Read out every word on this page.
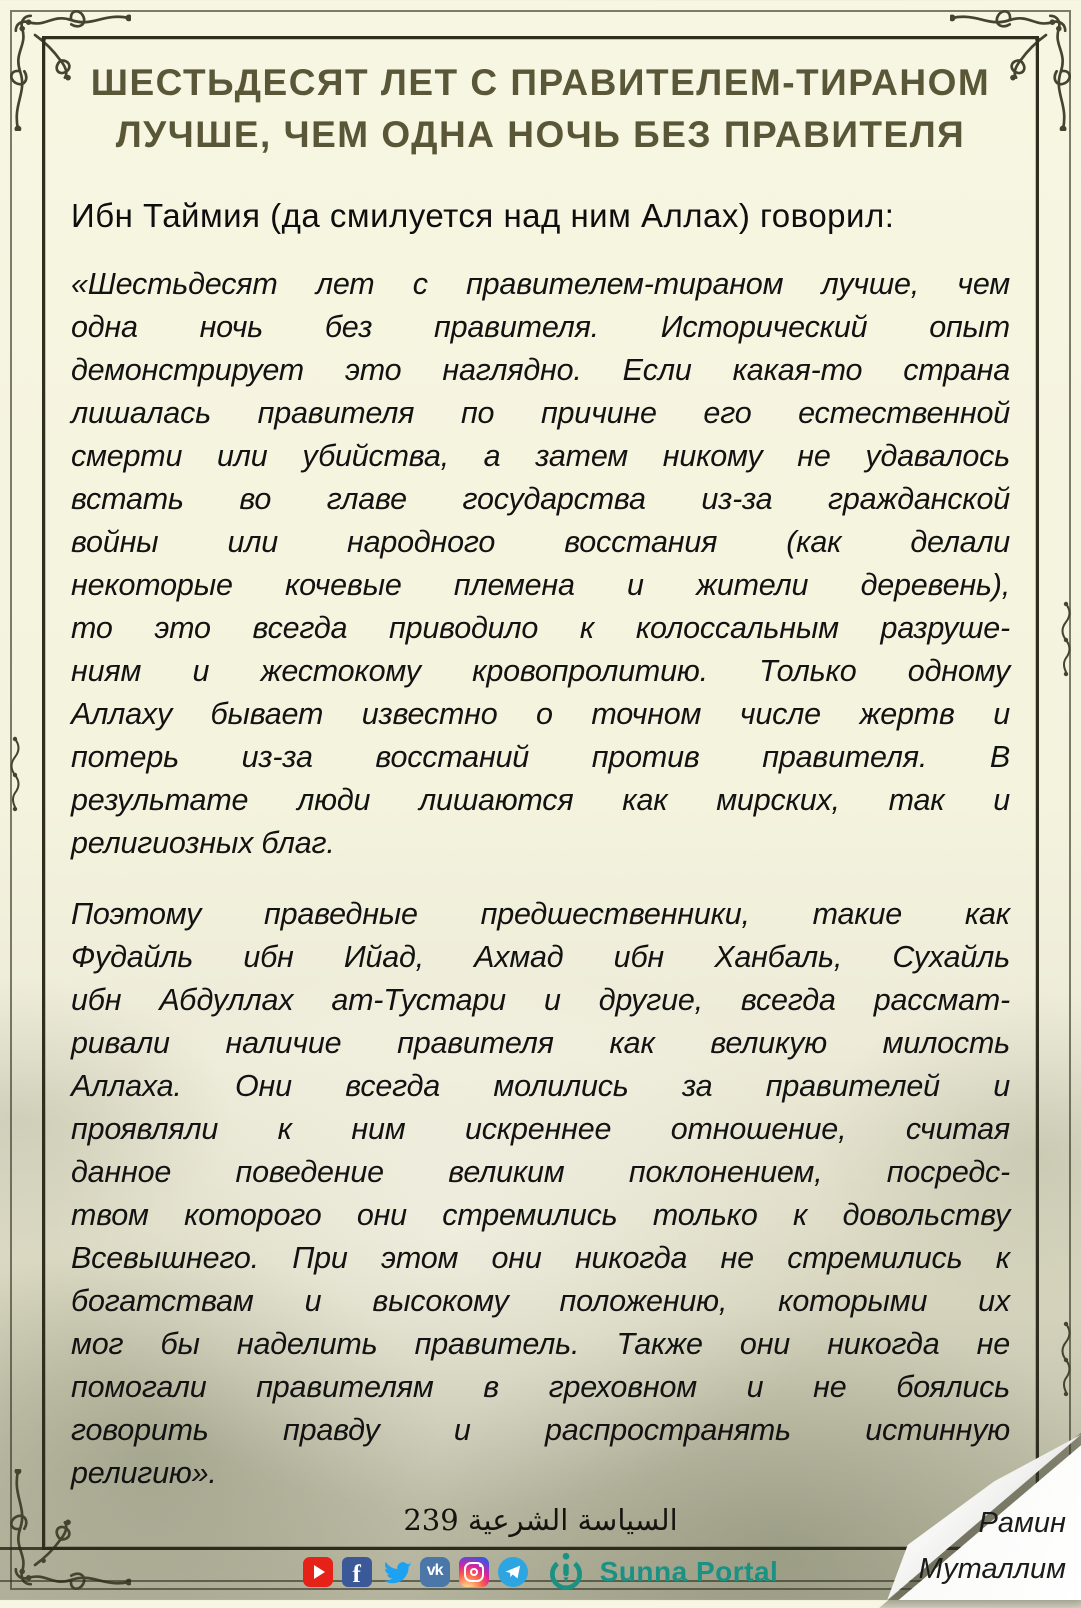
ШЕСТЬДЕСЯТ ЛЕТ С ПРАВИТЕЛЕМ-ТИРАНОМ
ЛУЧШЕ, ЧЕМ ОДНА НОЧЬ БЕЗ ПРАВИТЕЛЯ
Ибн Таймия (да смилуется над ним Аллах) говорил:
«Шестьдесят лет с правителем-тираном лучше, чем
одна ночь без правителя. Исторический опыт
демонстрирует это наглядно. Если какая-то страна
лишалась правителя по причине его естественной
смерти или убийства, а затем никому не удавалось
встать во главе государства из-за гражданской
войны или народного восстания (как делали
некоторые кочевые племена и жители деревень),
то это всегда приводило к колоссальным разруше-
ниям и жестокому кровопролитию. Только одному
Аллаху бывает известно о точном числе жертв и
потерь из-за восстаний против правителя. В
результате люди лишаются как мирских, так и
религиозных благ.
Поэтому праведные предшественники, такие как
Фудайль ибн Ийад, Ахмад ибн Ханбаль, Сухайль
ибн Абдуллах ат-Тустари и другие, всегда рассмат-
ривали наличие правителя как великую милость
Аллаха. Они всегда молились за правителей и
проявляли к ним искреннее отношение, считая
данное поведение великим поклонением, посредс-
твом которого они стремились только к довольству
Всевышнего. При этом они никогда не стремились к
богатствам и высокому положению, которыми их
мог бы наделить правитель. Также они никогда не
помогали правителям в греховном и не боялись
говорить правду и распространять истинную
религию».
السياسة الشرعية 239
f
vk
Sunna Portal
Рамин
Муталлим
